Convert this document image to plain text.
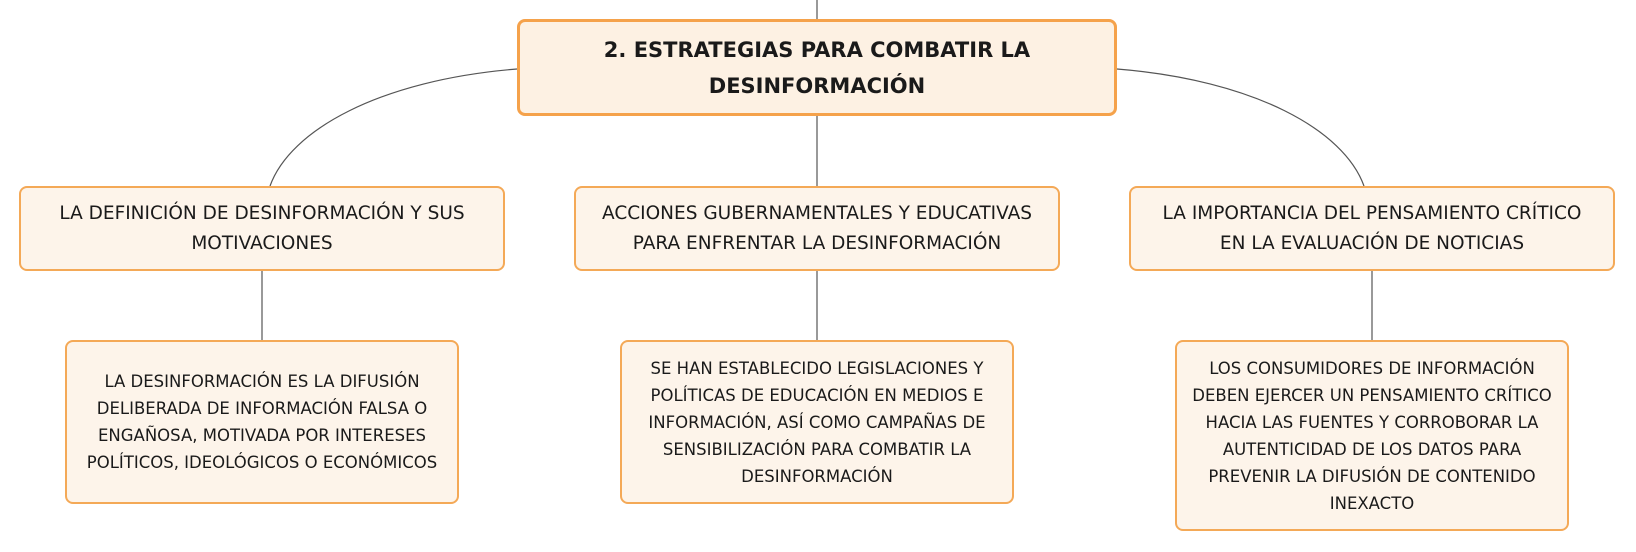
2. ESTRATEGIAS PARA COMBATIR LA DESINFORMACIÓN
LA DEFINICIÓN DE DESINFORMACIÓN Y SUS MOTIVACIONES
ACCIONES GUBERNAMENTALES Y EDUCATIVAS PARA ENFRENTAR LA DESINFORMACIÓN
LA IMPORTANCIA DEL PENSAMIENTO CRÍTICO EN LA EVALUACIÓN DE NOTICIAS
LA DESINFORMACIÓN ES LA DIFUSIÓN DELIBERADA DE INFORMACIÓN FALSA O ENGAÑOSA, MOTIVADA POR INTERESES POLÍTICOS, IDEOLÓGICOS O ECONÓMICOS
SE HAN ESTABLECIDO LEGISLACIONES Y POLÍTICAS DE EDUCACIÓN EN MEDIOS E INFORMACIÓN, ASÍ COMO CAMPAÑAS DE SENSIBILIZACIÓN PARA COMBATIR LA DESINFORMACIÓN
LOS CONSUMIDORES DE INFORMACIÓN DEBEN EJERCER UN PENSAMIENTO CRÍTICO HACIA LAS FUENTES Y CORROBORAR LA AUTENTICIDAD DE LOS DATOS PARA PREVENIR LA DIFUSIÓN DE CONTENIDO INEXACTO
